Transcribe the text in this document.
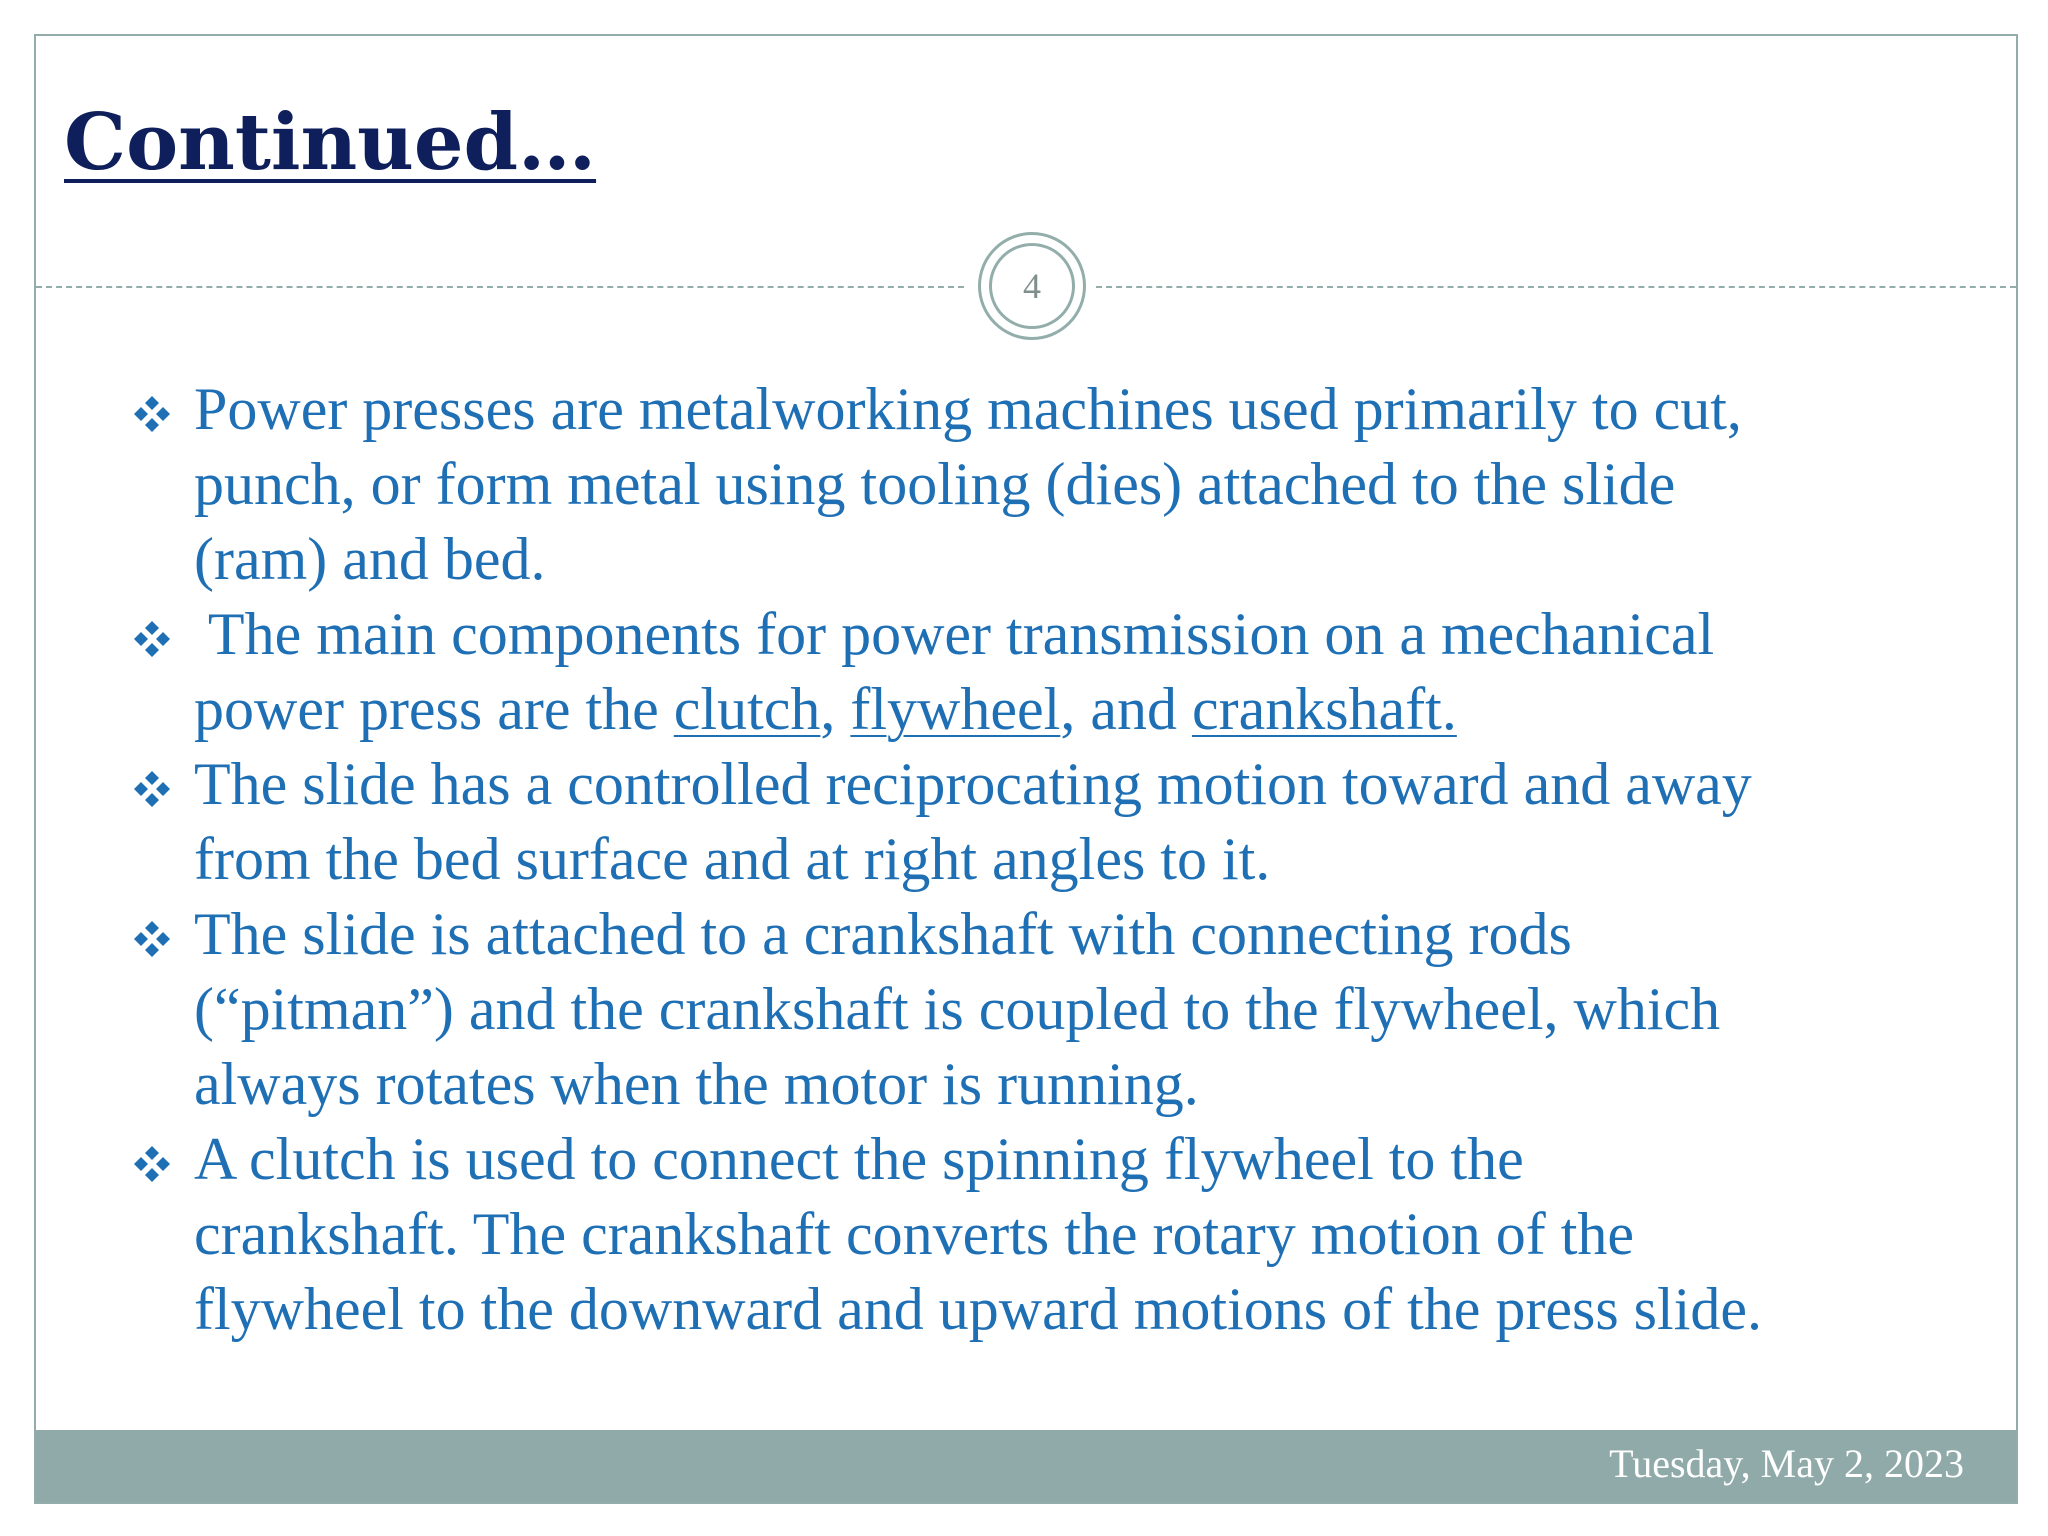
Continued…
4
Power presses are metalworking machines used primarily to cut,
punch, or form metal using tooling (dies) attached to the slide
(ram) and bed.
The main components for power transmission on a mechanical
power press are the clutch, flywheel, and crankshaft.
The slide has a controlled reciprocating motion toward and away
from the bed surface and at right angles to it.
The slide is attached to a crankshaft with connecting rods
(“pitman”) and the crankshaft is coupled to the flywheel, which
always rotates when the motor is running.
A clutch is used to connect the spinning flywheel to the
crankshaft. The crankshaft converts the rotary motion of the
flywheel to the downward and upward motions of the press slide.
Tuesday, May 2, 2023
